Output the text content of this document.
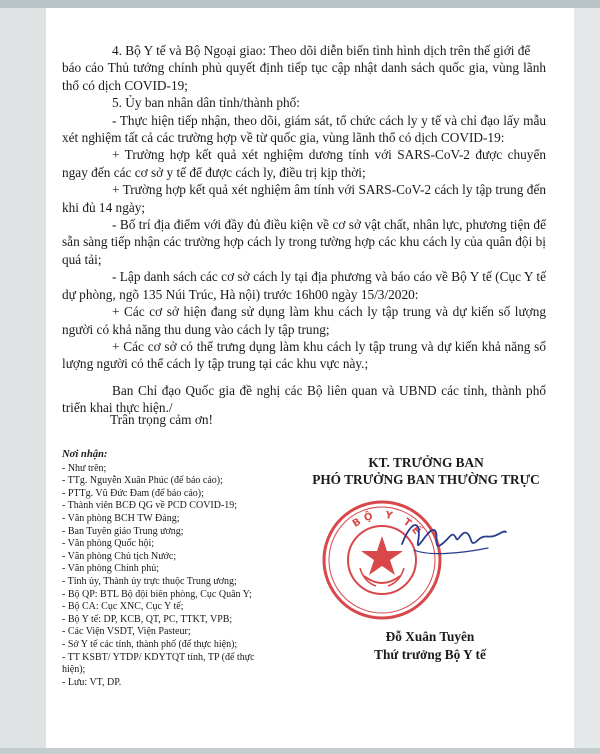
4. Bộ Y tế và Bộ Ngoại giao: Theo dõi diễn biến tình hình dịch trên thế giới để

báo cáo Thủ tướng chính phủ quyết định tiếp tục cập nhật danh sách quốc gia, vùng lãnh thổ có dịch COVID-19;

5. Ủy ban nhân dân tỉnh/thành phố:

- Thực hiện tiếp nhận, theo dõi, giám sát, tổ chức cách ly y tế và chỉ đạo lấy mẫu xét nghiệm tất cả các trường hợp về từ quốc gia, vùng lãnh thổ có dịch COVID-19:

+ Trường hợp kết quả xét nghiệm dương tính với SARS-CoV-2 được chuyển ngay đến các cơ sở y tế để được cách ly, điều trị kịp thời;

+ Trường hợp kết quả xét nghiệm âm tính với SARS-CoV-2 cách ly tập trung đến khi đủ 14 ngày;

- Bố trí địa điểm với đầy đủ điều kiện về cơ sở vật chất, nhân lực, phương tiện để sẵn sàng tiếp nhận các trường hợp cách ly trong tường hợp các khu cách ly của quân đội bị quá tải;

- Lập danh sách các cơ sở cách ly tại địa phương và báo cáo về Bộ Y tế (Cục Y tế dự phòng, ngõ 135 Núi Trúc, Hà nội) trước 16h00 ngày 15/3/2020:

+ Các cơ sở hiện đang sử dụng làm khu cách ly tập trung và dự kiến số lượng người có khả năng thu dung vào cách ly tập trung;

+ Các cơ sở có thể trưng dụng làm khu cách ly tập trung và dự kiến khả năng số lượng người có thể cách ly tập trung tại các khu vực này.;

Ban Chỉ đạo Quốc gia đề nghị các Bộ liên quan và UBND các tỉnh, thành phố triển khai thực hiện./

Trân trọng cảm ơn!
Nơi nhận:
- Như trên;
- TTg. Nguyễn Xuân Phúc (để báo cáo);
- PTTg. Vũ Đức Đam (để báo cáo);
- Thành viên BCĐ QG về PCD COVID-19;
- Văn phòng BCH TW Đảng;
- Ban Tuyên giáo Trung ương;
- Văn phòng Quốc hội;
- Văn phòng Chủ tịch Nước;
- Văn phòng Chính phủ;
- Tỉnh ủy, Thành ủy trực thuộc Trung ương;
- Bộ QP: BTL Bộ đội biên phòng, Cục Quân Y;
- Bộ CA: Cục XNC, Cục Y tế;
- Bộ Y tế: DP, KCB, QT, PC, TTKT, VPB;
- Các Viện VSDT, Viện Pasteur;
- Sở Y tế các tỉnh, thành phố (để thực hiện);
- TT KSBT/ YTDP/ KDYTQT tỉnh, TP (để thực hiện);
- Lưu: VT, DP.
KT. TRƯỞNG BAN
PHÓ TRƯỞNG BAN THƯỜNG TRỰC
BỘ Y TẾ
Đỗ Xuân Tuyên
Thứ trưởng Bộ Y tế
